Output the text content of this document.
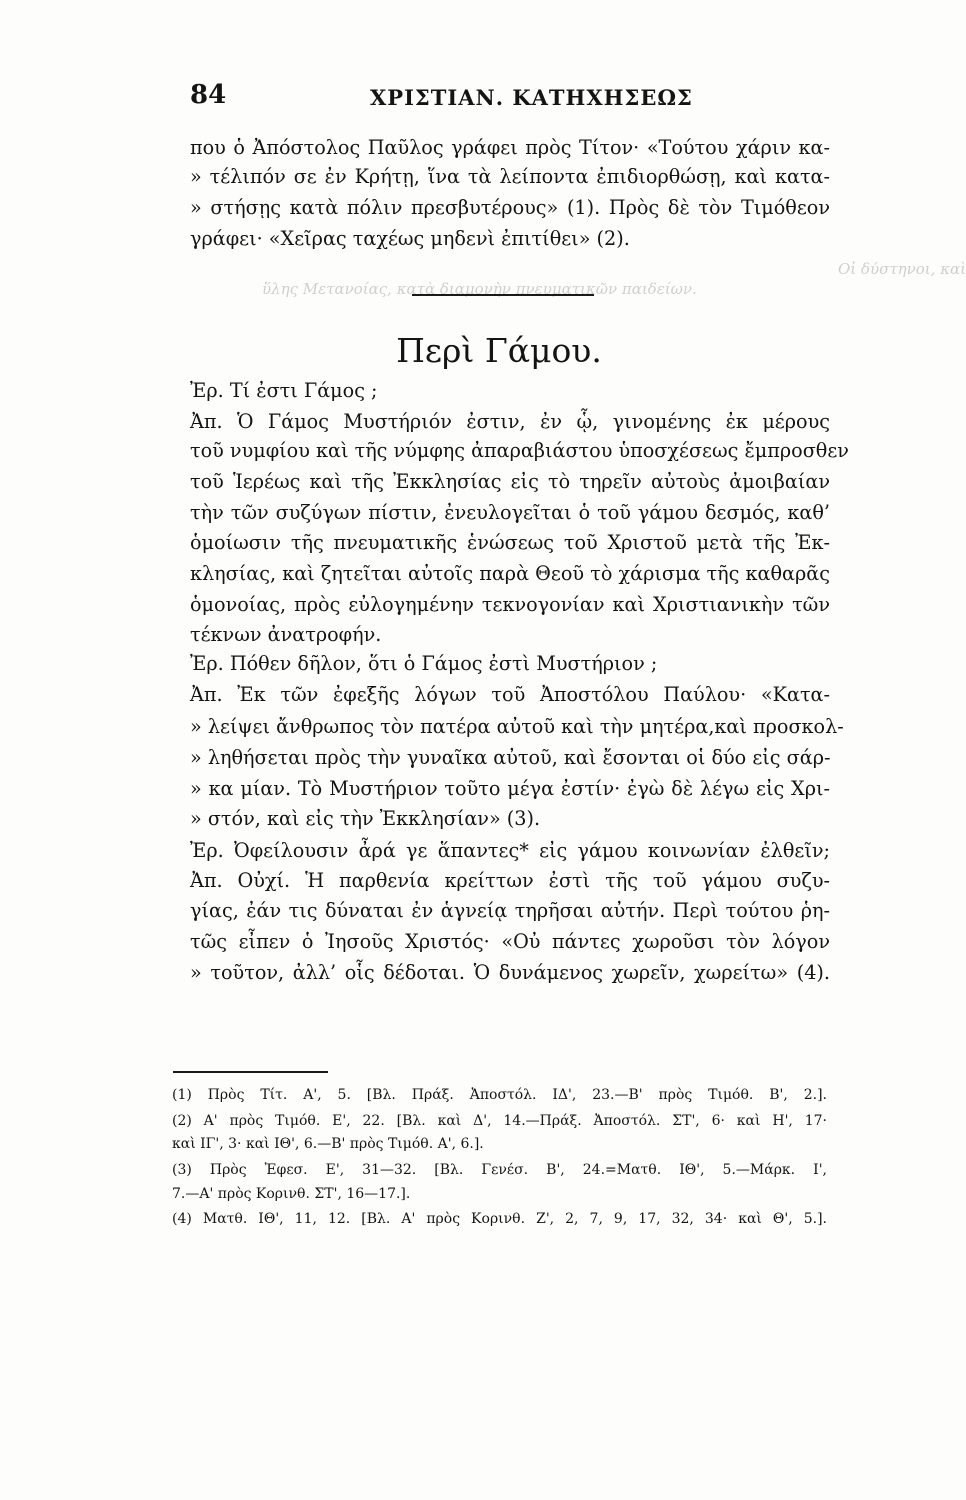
Οἰ δύστηνοι, καὶ
ὕλης Μετανοίας, κατὰ διαμονὴν πνευματικῶν παιδείων.
84	ΧΡΙΣΤΙΑΝ. ΚΑΤΗΧΗΣΕΩΣ
που ὁ Ἀπόστολος Παῦλος γράφει πρὸς Τίτον· «Τούτου χάριν κα-
» τέλιπόν σε ἐν Κρήτῃ, ἵνα τὰ λείποντα ἐπιδιορθώσῃ, καὶ κατα-
» στήσῃς κατὰ πόλιν πρεσβυτέρους» (1). Πρὸς δὲ τὸν Τιμόθεον
γράφει· «Χεῖρας ταχέως μηδενὶ ἐπιτίθει» (2).
Περὶ Γάμου.
Ἐρ. Τί ἐστι Γάμος ;
Ἀπ. Ὁ Γάμος Μυστήριόν ἐστιν, ἐν ᾧ, γινομένης ἐκ μέρους
τοῦ νυμφίου καὶ τῆς νύμφης ἀπαραβιάστου ὑποσχέσεως ἔμπροσθεν
τοῦ Ἱερέως καὶ τῆς Ἐκκλησίας εἰς τὸ τηρεῖν αὐτοὺς ἀμοιβαίαν
τὴν τῶν συζύγων πίστιν, ἐνευλογεῖται ὁ τοῦ γάμου δεσμός, καθ’
ὁμοίωσιν τῆς πνευματικῆς ἑνώσεως τοῦ Χριστοῦ μετὰ τῆς Ἐκ-
κλησίας, καὶ ζητεῖται αὐτοῖς παρὰ Θεοῦ τὸ χάρισμα τῆς καθαρᾶς
ὁμονοίας, πρὸς εὐλογημένην τεκνογονίαν καὶ Χριστιανικὴν τῶν
τέκνων ἀνατροφήν.
Ἐρ. Πόθεν δῆλον, ὅτι ὁ Γάμος ἐστὶ Μυστήριον ;
Ἀπ. Ἐκ τῶν ἐφεξῆς λόγων τοῦ Ἀποστόλου Παύλου· «Κατα-
» λείψει ἄνθρωπος τὸν πατέρα αὐτοῦ καὶ τὴν μητέρα,καὶ προσκολ-
» ληθήσεται πρὸς τὴν γυναῖκα αὐτοῦ, καὶ ἔσονται οἱ δύο εἰς σάρ-
» κα μίαν. Τὸ Μυστήριον τοῦτο μέγα ἐστίν· ἐγὼ δὲ λέγω εἰς Χρι-
» στόν, καὶ εἰς τὴν Ἐκκλησίαν» (3).
Ἐρ. Ὀφείλουσιν ἆρά γε ἅπαντες* εἰς γάμου κοινωνίαν ἐλθεῖν;
Ἀπ. Οὐχί. Ἡ παρθενία κρείττων ἐστὶ τῆς τοῦ γάμου συζυ-
γίας, ἐάν τις δύναται ἐν ἁγνείᾳ τηρῆσαι αὐτήν. Περὶ τούτου ῥη-
τῶς εἶπεν ὁ Ἰησοῦς Χριστός· «Οὐ πάντες χωροῦσι τὸν λόγον
» τοῦτον, ἀλλ’ οἷς δέδοται. Ὁ δυνάμενος χωρεῖν, χωρείτω» (4).
(1) Πρὸς Τίτ. Α', 5. [Βλ. Πράξ. Ἀποστόλ. ΙΔ', 23.—Β' πρὸς Τιμόθ. Β', 2.].
(2) Α' πρὸς Τιμόθ. Ε', 22. [Βλ. καὶ Δ', 14.—Πράξ. Ἀποστόλ. ΣΤ', 6· καὶ Η', 17·
καὶ ΙΓ', 3· καὶ ΙΘ', 6.—Β' πρὸς Τιμόθ. Α', 6.].
(3) Πρὸς Ἐφεσ. Ε', 31—32. [Βλ. Γενέσ. Β', 24.=Ματθ. ΙΘ', 5.—Μάρκ. Ι',
7.—Α' πρὸς Κορινθ. ΣΤ', 16—17.].
(4) Ματθ. ΙΘ', 11, 12. [Βλ. Α' πρὸς Κορινθ. Ζ', 2, 7, 9, 17, 32, 34· καὶ Θ', 5.].
